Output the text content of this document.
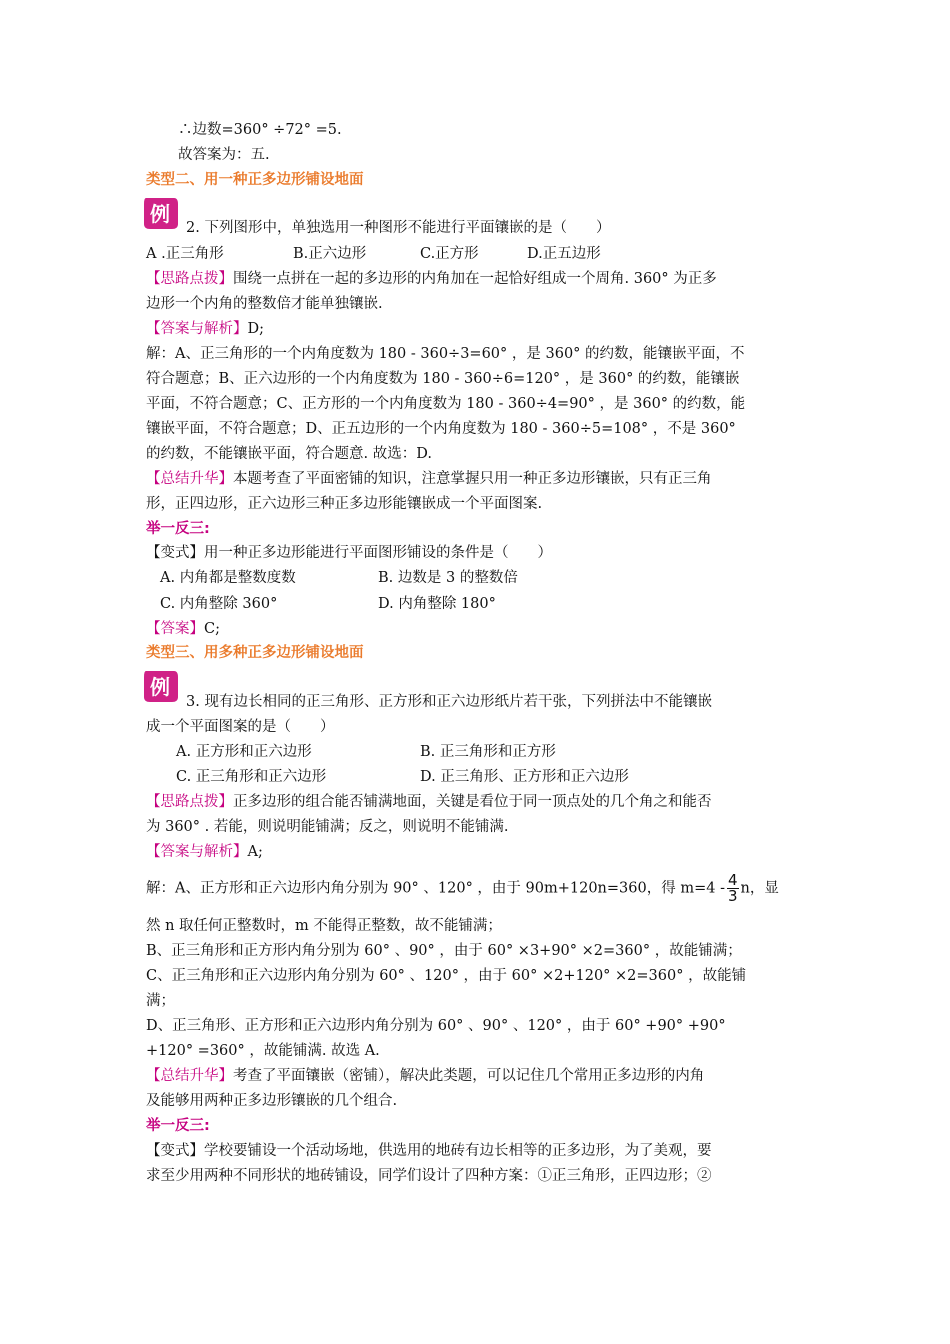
∴边数=360° ÷72° =5.
故答案为：五.
类型二、用一种正多边形铺设地面
例
2. 下列图形中，单独选用一种图形不能进行平面镶嵌的是（　　）
A .正三角形	B.正六边形	C.正方形	D.正五边形
【思路点拨】围绕一点拼在一起的多边形的内角加在一起恰好组成一个周角. 360° 为正多
边形一个内角的整数倍才能单独镶嵌.
【答案与解析】D;
解：A、正三角形的一个内角度数为 180 - 360÷3=60° ，是 360° 的约数，能镶嵌平面，不
符合题意；B、正六边形的一个内角度数为 180 - 360÷6=120° ，是 360° 的约数，能镶嵌
平面，不符合题意；C、正方形的一个内角度数为 180 - 360÷4=90° ，是 360° 的约数，能
镶嵌平面，不符合题意；D、正五边形的一个内角度数为 180 - 360÷5=108° ，不是 360°
的约数，不能镶嵌平面，符合题意. 故选：D.
【总结升华】本题考查了平面密铺的知识，注意掌握只用一种正多边形镶嵌，只有正三角
形，正四边形，正六边形三种正多边形能镶嵌成一个平面图案.
举一反三:
【变式】用一种正多边形能进行平面图形铺设的条件是（　　）
A. 内角都是整数度数	B. 边数是 3 的整数倍
C. 内角整除 360°	D. 内角整除 180°
【答案】C;
类型三、用多种正多边形铺设地面
例
3. 现有边长相同的正三角形、正方形和正六边形纸片若干张，下列拼法中不能镶嵌
成一个平面图案的是（　　）
A. 正方形和正六边形	B. 正三角形和正方形
C. 正三角形和正六边形	D. 正三角形、正方形和正六边形
【思路点拨】正多边形的组合能否铺满地面，关键是看位于同一顶点处的几个角之和能否
为 360° . 若能，则说明能铺满；反之，则说明不能铺满.
【答案与解析】A;
解：A、正方形和正六边形内角分别为 90° 、120° ，由于 90m+120n=360，得 $m=4 - \frac{4}{3}$ n，显
然 n 取任何正整数时，m 不能得正整数，故不能铺满；
B、正三角形和正方形内角分别为 60° 、90° ，由于 60° ×3+90° ×2=360° ，故能铺满；
C、正三角形和正六边形内角分别为 60° 、120° ，由于 60° ×2+120° ×2=360° ，故能铺
满；
D、正三角形、正方形和正六边形内角分别为 60° 、90° 、120° ，由于 60° +90° +90°
+120° =360° ，故能铺满. 故选 A.
【总结升华】考查了平面镶嵌（密铺），解决此类题，可以记住几个常用正多边形的内角
及能够用两种正多边形镶嵌的几个组合.
举一反三:
【变式】学校要铺设一个活动场地，供选用的地砖有边长相等的正多边形，为了美观，要
求至少用两种不同形状的地砖铺设，同学们设计了四种方案：①正三角形，正四边形；②
